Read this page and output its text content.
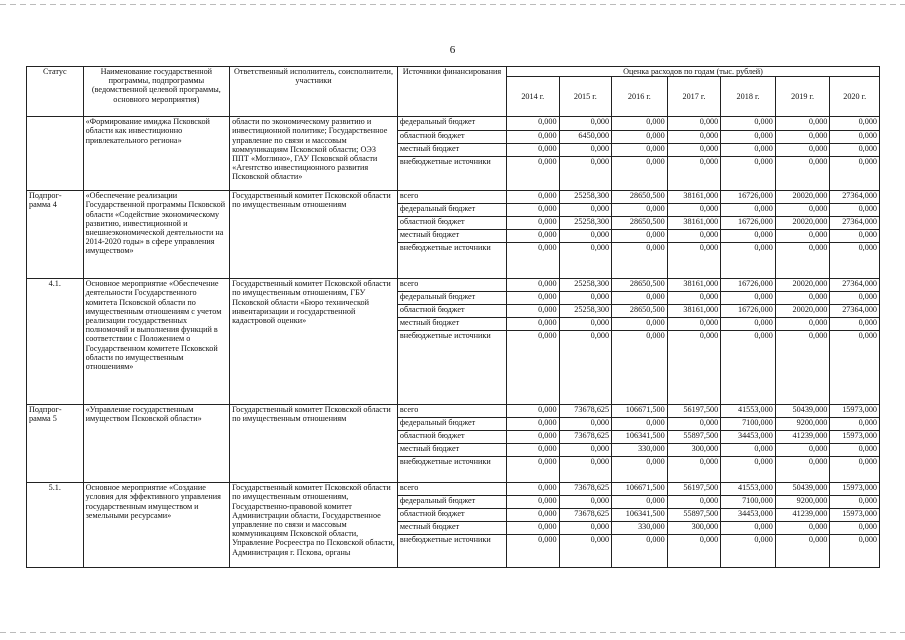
6
Статус	Наименование государственной программы, подпрограммы (ведомственной целевой программы, основного мероприятия)	Ответственный исполнитель, соисполнители, участники	Источники финансирования	Оценка расходов по годам (тыс. рублей)						
				2014 г.	2015 г.	2016 г.	2017 г.	2018 г.	2019 г.	2020 г.
	«Формирование имиджа Псковской области как инвестиционно привлекательного региона»	области по экономическому развитию и инвестиционной политике; Государственное управление по связи и массовым коммуникациям Псковской области; ОЭЗ ППТ «Моглино», ГАУ Псковской области «Агентство инвестиционного развития Псковской области»	федеральный бюджет	0,000	0,000	0,000	0,000	0,000	0,000	0,000
			областной бюджет	0,000	6450,000	0,000	0,000	0,000	0,000	0,000
			местный бюджет	0,000	0,000	0,000	0,000	0,000	0,000	0,000
			внебюджетные источники	0,000	0,000	0,000	0,000	0,000	0,000	0,000
Подпрог-рамма 4	«Обеспечение реализации Государственной программы Псковской области «Содействие экономическому развитию, инвестиционной и внешнеэкономической деятельности на 2014-2020 годы» в сфере управления имуществом»	Государственный комитет Псковской области по имущественным отношениям	всего	0,000	25258,300	28650,500	38161,000	16726,000	20020,000	27364,000
			федеральный бюджет	0,000	0,000	0,000	0,000	0,000	0,000	0,000
			областной бюджет	0,000	25258,300	28650,500	38161,000	16726,000	20020,000	27364,000
			местный бюджет	0,000	0,000	0,000	0,000	0,000	0,000	0,000
			внебюджетные источники	0,000	0,000	0,000	0,000	0,000	0,000	0,000
4.1.	Основное мероприятие «Обеспечение деятельности Государственного комитета Псковской области по имущественным отношениям с учетом реализации государственных полномочий и выполнения функций в соответствии с Положением о Государственном комитете Псковской области по имущественным отношениям»	Государственный комитет Псковской области по имущественным отношениям, ГБУ Псковской области «Бюро технической инвентаризации и государственной кадастровой оценки»	всего	0,000	25258,300	28650,500	38161,000	16726,000	20020,000	27364,000
			федеральный бюджет	0,000	0,000	0,000	0,000	0,000	0,000	0,000
			областной бюджет	0,000	25258,300	28650,500	38161,000	16726,000	20020,000	27364,000
			местный бюджет	0,000	0,000	0,000	0,000	0,000	0,000	0,000
			внебюджетные источники	0,000	0,000	0,000	0,000	0,000	0,000	0,000
Подпрог-рамма 5	«Управление государственным имуществом Псковской области»	Государственный комитет Псковской области по имущественным отношениям	всего	0,000	73678,625	106671,500	56197,500	41553,000	50439,000	15973,000
			федеральный бюджет	0,000	0,000	0,000	0,000	7100,000	9200,000	0,000
			областной бюджет	0,000	73678,625	106341,500	55897,500	34453,000	41239,000	15973,000
			местный бюджет	0,000	0,000	330,000	300,000	0,000	0,000	0,000
			внебюджетные источники	0,000	0,000	0,000	0,000	0,000	0,000	0,000
5.1.	Основное мероприятие «Создание условия для эффективного управления государственным имуществом и земельными ресурсами»	Государственный комитет Псковской области по имущественным отношениям, Государственно-правовой комитет Администрации области, Государственное управление по связи и массовым коммуникациям Псковской области, Управление Росреестра по Псковской области, Администрация г. Пскова, органы	всего	0,000	73678,625	106671,500	56197,500	41553,000	50439,000	15973,000
			федеральный бюджет	0,000	0,000	0,000	0,000	7100,000	9200,000	0,000
			областной бюджет	0,000	73678,625	106341,500	55897,500	34453,000	41239,000	15973,000
			местный бюджет	0,000	0,000	330,000	300,000	0,000	0,000	0,000
			внебюджетные источники	0,000	0,000	0,000	0,000	0,000	0,000	0,000
